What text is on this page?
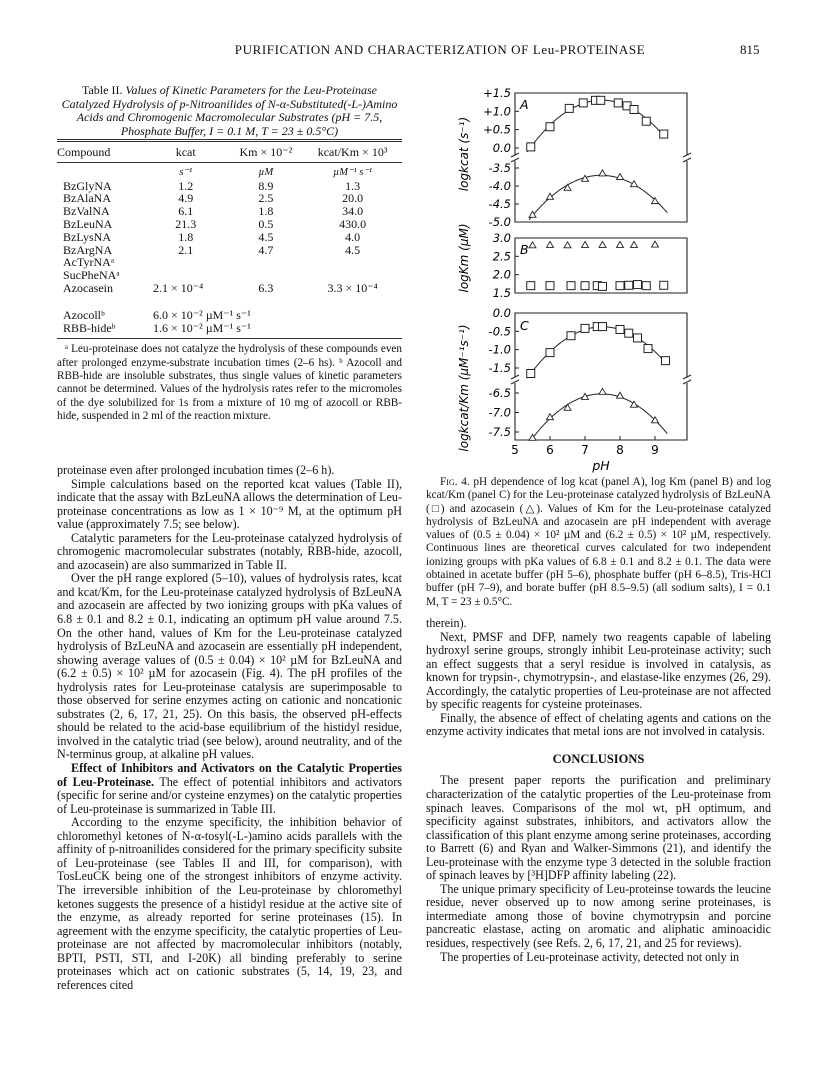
PURIFICATION AND CHARACTERIZATION OF Leu-PROTEINASE	815
Table II. Values of Kinetic Parameters for the Leu-Proteinase Catalyzed Hydrolysis of p-Nitroanilides of N-α-Substituted(-L-)Amino Acids and Chromogenic Macromolecular Substrates (pH = 7.5, Phosphate Buffer, I = 0.1 M, T = 23 ± 0.5°C)
Compound	kcat	Km × 10⁻²	kcat/Km × 10³
	s⁻¹	µM	µM⁻¹ s⁻¹
BzGlyNA	1.2	8.9	1.3
BzAlaNA	4.9	2.5	20.0
BzValNA	6.1	1.8	34.0
BzLeuNA	21.3	0.5	430.0
BzLysNA	1.8	4.5	4.0
BzArgNA	2.1	4.7	4.5
AcTyrNAᵃ			
SucPheNAᵃ			
Azocasein	2.1 × 10⁻⁴	6.3	3.3 × 10⁻⁴
Azocollᵇ	6.0 × 10⁻² µM⁻¹ s⁻¹		
RBB-hideᵇ	1.6 × 10⁻² µM⁻¹ s⁻¹		

ᵃ Leu-proteinase does not catalyze the hydrolysis of these compounds even after prolonged enzyme-substrate incubation times (2–6 hs). ᵇ Azocoll and RBB-hide are insoluble substrates, thus single values of kinetic parameters cannot be determined. Values of the hydrolysis rates refer to the micromoles of the dye solubilized for 1s from a mixture of 10 mg of azocoll or RBB-hide, suspended in 2 ml of the reaction mixture.

proteinase even after prolonged incubation times (2–6 h).

Simple calculations based on the reported kcat values (Table II), indicate that the assay with BzLeuNA allows the determination of Leu-proteinase concentrations as low as 1 × 10⁻⁹ M, at the optimum pH value (approximately 7.5; see below).

Catalytic parameters for the Leu-proteinase catalyzed hydrolysis of chromogenic macromolecular substrates (notably, RBB-hide, azocoll, and azocasein) are also summarized in Table II.

Over the pH range explored (5–10), values of hydrolysis rates, kcat and kcat/Km, for the Leu-proteinase catalyzed hydrolysis of BzLeuNA and azocasein are affected by two ionizing groups with pKa values of 6.8 ± 0.1 and 8.2 ± 0.1, indicating an optimum pH value around 7.5. On the other hand, values of Km for the Leu-proteinase catalyzed hydrolysis of BzLeuNA and azocasein are essentially pH independent, showing average values of (0.5 ± 0.04) × 10² µM for BzLeuNA and (6.2 ± 0.5) × 10² µM for azocasein (Fig. 4). The pH profiles of the hydrolysis rates for Leu-proteinase catalysis are superimposable to those observed for serine enzymes acting on cationic and noncationic substrates (2, 6, 17, 21, 25). On this basis, the observed pH-effects should be related to the acid-base equilibrium of the histidyl residue, involved in the catalytic triad (see below), around neutrality, and of the N-terminus group, at alkaline pH values.

Effect of Inhibitors and Activators on the Catalytic Properties of Leu-Proteinase. The effect of potential inhibitors and activators (specific for serine and/or cysteine enzymes) on the catalytic properties of Leu-proteinase is summarized in Table III.

According to the enzyme specificity, the inhibition behavior of chloromethyl ketones of N-α-tosyl(-L-)amino acids parallels with the affinity of p-nitroanilides considered for the primary specificity subsite of Leu-proteinase (see Tables II and III, for comparison), with TosLeuCK being one of the strongest inhibitors of enzyme activity. The irreversible inhibition of the Leu-proteinase by chloromethyl ketones suggests the presence of a histidyl residue at the active site of the enzyme, as already reported for serine proteinases (15). In agreement with the enzyme specificity, the catalytic properties of Leu-proteinase are not affected by macromolecular inhibitors (notably, BPTI, PSTI, STI, and I-20K) all binding preferably to serine proteinases which act on cationic substrates (5, 14, 19, 23, and references cited

+1.5
+1.0
+0.5
0.0
-3.5
-4.0
-4.5
-5.0
3.0
2.5
2.0
1.5
0.0
-0.5
-1.0
-1.5
-6.5
-7.0
-7.5
5 6 7 8 9
pH
A
B
C
logkcat (s⁻¹)
logKm (µM)
logkcat/Km (µM⁻¹s⁻¹)

Fig. 4. pH dependence of log kcat (panel A), log Km (panel B) and log kcat/Km (panel C) for the Leu-proteinase catalyzed hydrolysis of BzLeuNA (□) and azocasein (△). Values of Km for the Leu-proteinase catalyzed hydrolysis of BzLeuNA and azocasein are pH independent with average values of (0.5 ± 0.04) × 10² µM and (6.2 ± 0.5) × 10² µM, respectively. Continuous lines are theoretical curves calculated for two independent ionizing groups with pKa values of 6.8 ± 0.1 and 8.2 ± 0.1. The data were obtained in acetate buffer (pH 5–6), phosphate buffer (pH 6–8.5), Tris-HCl buffer (pH 7–9), and borate buffer (pH 8.5–9.5) (all sodium salts), I = 0.1 M, T = 23 ± 0.5°C.

therein).

Next, PMSF and DFP, namely two reagents capable of labeling hydroxyl serine groups, strongly inhibit Leu-proteinase activity; such an effect suggests that a seryl residue is involved in catalysis, as known for trypsin-, chymotrypsin-, and elastase-like enzymes (26, 29). Accordingly, the catalytic properties of Leu-proteinase are not affected by specific reagents for cysteine proteinases.

Finally, the absence of effect of chelating agents and cations on the enzyme activity indicates that metal ions are not involved in catalysis.

CONCLUSIONS

The present paper reports the purification and preliminary characterization of the catalytic properties of the Leu-proteinase from spinach leaves. Comparisons of the mol wt, pH optimum, and specificity against substrates, inhibitors, and activators allow the classification of this plant enzyme among serine proteinases, according to Barrett (6) and Ryan and Walker-Simmons (21), and identify the Leu-proteinase with the enzyme type 3 detected in the soluble fraction of spinach leaves by [³H]DFP affinity labeling (22).

The unique primary specificity of Leu-proteinse towards the leucine residue, never observed up to now among serine proteinases, is intermediate among those of bovine chymotrypsin and porcine pancreatic elastase, acting on aromatic and aliphatic aminoacidic residues, respectively (see Refs. 2, 6, 17, 21, and 25 for reviews).

The properties of Leu-proteinase activity, detected not only in
